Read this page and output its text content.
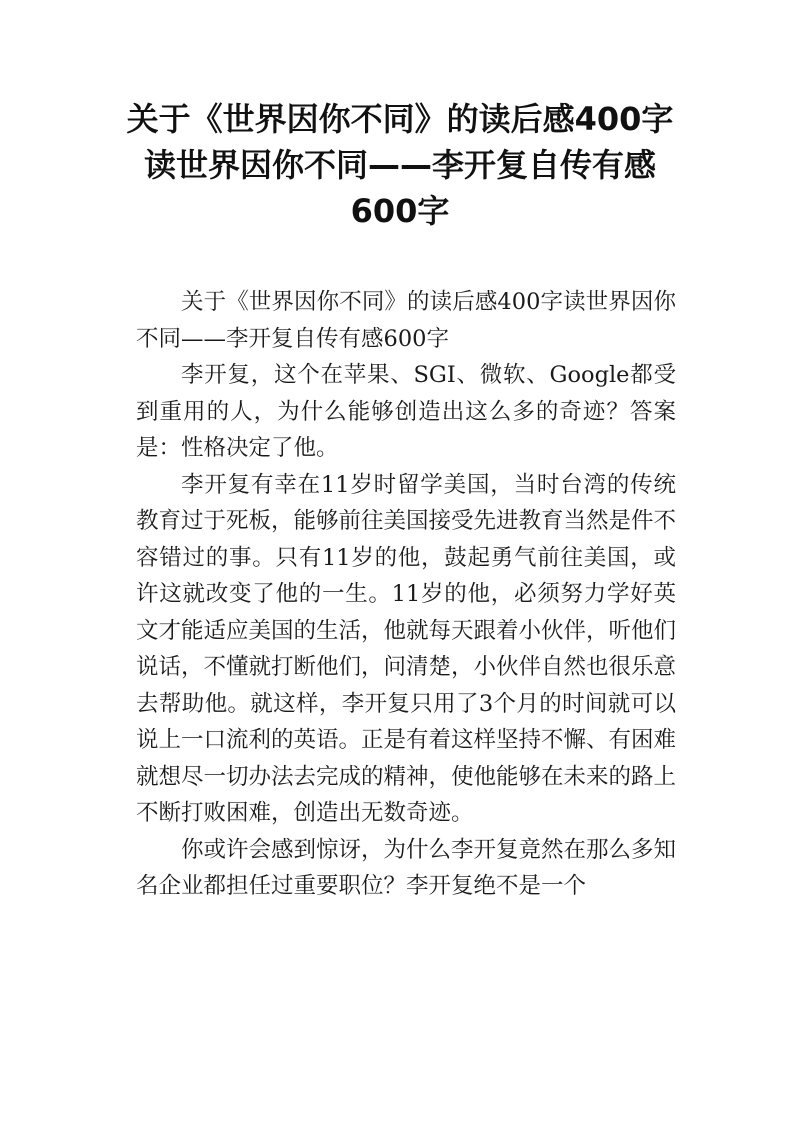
关于《世界因你不同》的读后感400字读世界因你不同——李开复自传有感600字

关于《世界因你不同》的读后感400字读世界因你不同——李开复自传有感600字

李开复，这个在苹果、SGI、微软、Google都受到重用的人，为什么能够创造出这么多的奇迹？答案是：性格决定了他。

李开复有幸在11岁时留学美国，当时台湾的传统教育过于死板，能够前往美国接受先进教育当然是件不容错过的事。只有11岁的他，鼓起勇气前往美国，或许这就改变了他的一生。11岁的他，必须努力学好英文才能适应美国的生活，他就每天跟着小伙伴，听他们说话，不懂就打断他们，问清楚，小伙伴自然也很乐意去帮助他。就这样，李开复只用了3个月的时间就可以说上一口流利的英语。正是有着这样坚持不懈、有困难就想尽一切办法去完成的精神，使他能够在未来的路上不断打败困难，创造出无数奇迹。

你或许会感到惊讶，为什么李开复竟然在那么多知名企业都担任过重要职位？李开复绝不是一个
